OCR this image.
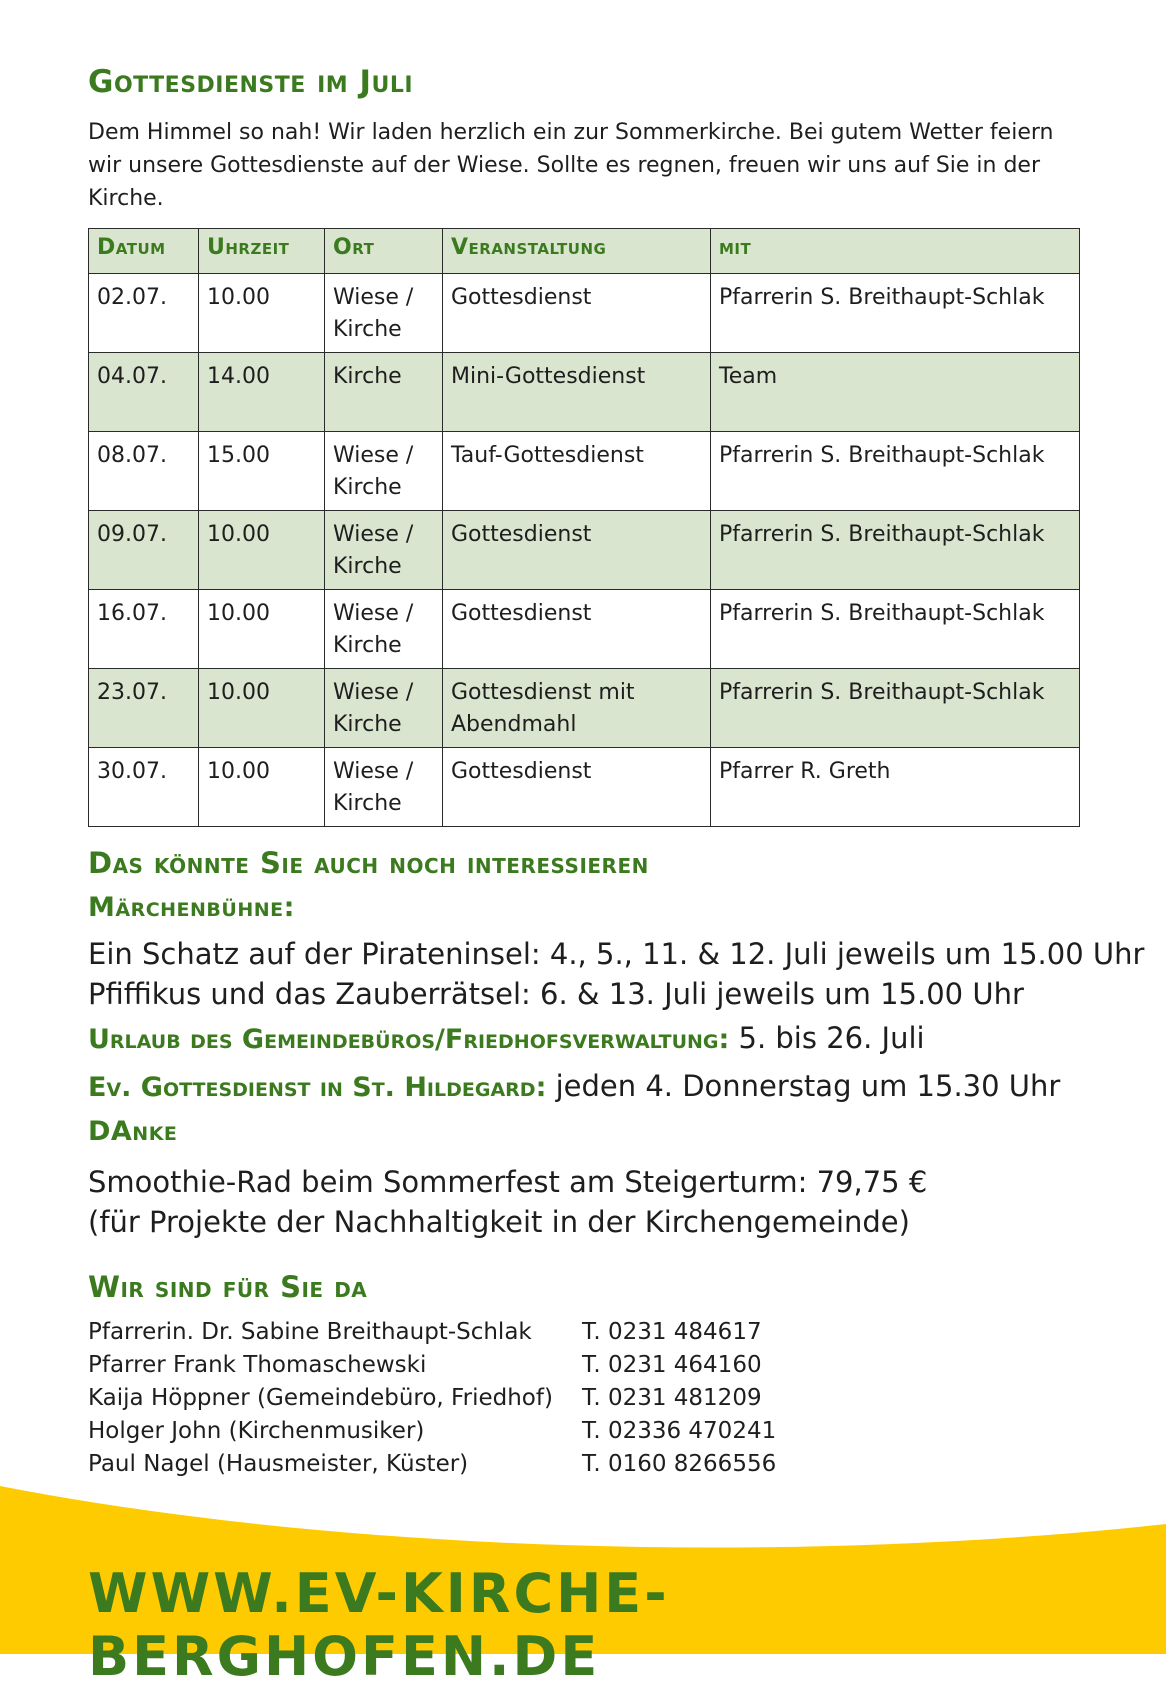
Gottesdienste im Juli

Dem Himmel so nah! Wir laden herzlich ein zur Sommerkirche. Bei gutem Wetter feiern wir unsere Gottesdienste auf der Wiese. Sollte es regnen, freuen wir uns auf Sie in der Kirche.

Datum	Uhrzeit	Ort	Veranstaltung	mit
02.07.	10.00	Wiese / Kirche	Gottesdienst	Pfarrerin S. Breithaupt-Schlak
04.07.	14.00	Kirche	Mini-Gottesdienst	Team
08.07.	15.00	Wiese / Kirche	Tauf-Gottesdienst	Pfarrerin S. Breithaupt-Schlak
09.07.	10.00	Wiese / Kirche	Gottesdienst	Pfarrerin S. Breithaupt-Schlak
16.07.	10.00	Wiese / Kirche	Gottesdienst	Pfarrerin S. Breithaupt-Schlak
23.07.	10.00	Wiese / Kirche	Gottesdienst mit Abendmahl	Pfarrerin S. Breithaupt-Schlak
30.07.	10.00	Wiese / Kirche	Gottesdienst	Pfarrer R. Greth
Das könnte Sie auch noch interessieren
Märchenbühne:

Ein Schatz auf der Pirateninsel: 4., 5., 11. & 12. Juli jeweils um 15.00 Uhr

Pfiffikus und das Zauberrätsel: 6. & 13. Juli jeweils um 15.00 Uhr

Urlaub des Gemeindebüros/Friedhofsverwaltung: 5. bis 26. Juli

Ev. Gottesdienst in St. Hildegard: jeden 4. Donnerstag um 15.30 Uhr

DAnke

Smoothie-Rad beim Sommerfest am Steigerturm: 79,75 €

(für Projekte der Nachhaltigkeit in der Kirchengemeinde)

Wir sind für Sie da
Pfarrerin. Dr. Sabine Breithaupt-Schlak	T. 0231 484617
Pfarrer Frank Thomaschewski	T. 0231 464160
Kaija Höppner (Gemeindebüro, Friedhof)	T. 0231 481209
Holger John (Kirchenmusiker)	T. 02336 470241
Paul Nagel (Hausmeister, Küster)	T. 0160 8266556

WWW.EV-KIRCHE-BERGHOFEN.DE
